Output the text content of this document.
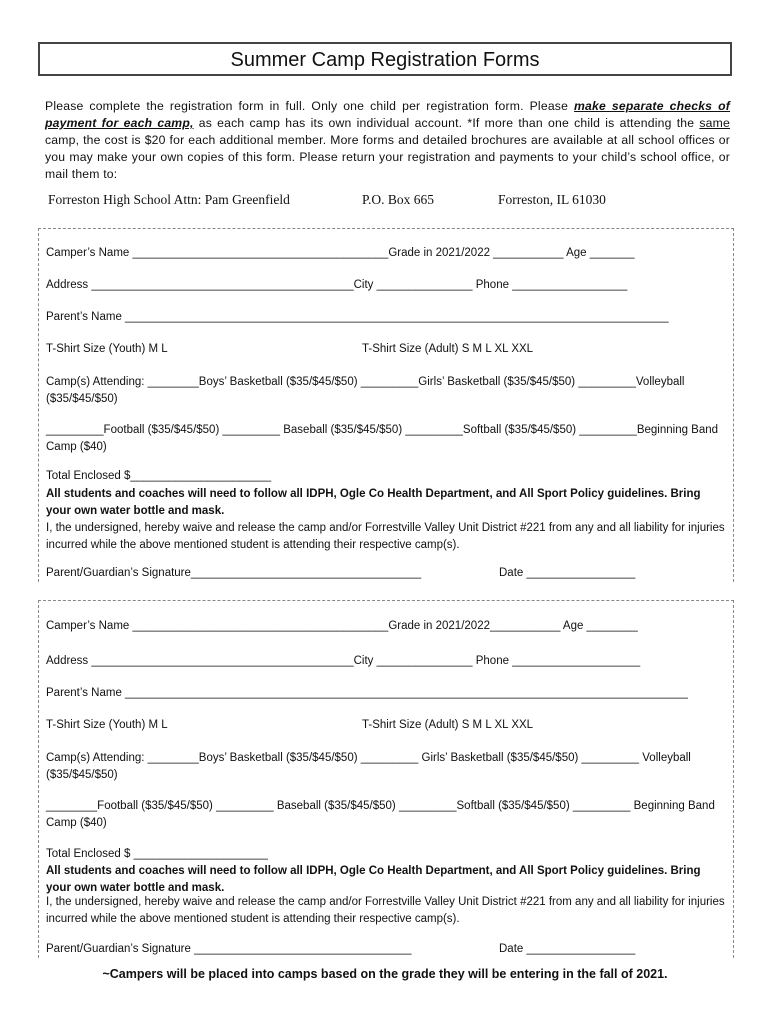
Summer Camp Registration Forms
Please complete the registration form in full. Only one child per registration form. Please make separate checks of payment for each camp, as each camp has its own individual account. *If more than one child is attending the same camp, the cost is $20 for each additional member. More forms and detailed brochures are available at all school offices or you may make your own copies of this form. Please return your registration and payments to your child’s school office, or mail them to:
Forreston High School Attn: Pam Greenfield	P.O. Box 665	Forreston, IL 61030
Camper’s Name ________________________________________Grade in 2021/2022 ___________ Age _______
Address _________________________________________City _______________ Phone __________________
Parent’s Name _____________________________________________________________________________________
T-Shirt Size (Youth) M L	T-Shirt Size (Adult) S M L XL XXL
Camp(s) Attending: ________Boys’ Basketball ($35/$45/$50) _________Girls’ Basketball ($35/$45/$50) _________Volleyball ($35/$45/$50)
_________Football ($35/$45/$50) _________ Baseball ($35/$45/$50) _________Softball ($35/$45/$50) _________Beginning Band Camp ($40)
Total Enclosed $______________________
All students and coaches will need to follow all IDPH, Ogle Co Health Department, and All Sport Policy guidelines. Bring your own water bottle and mask.
I, the undersigned, hereby waive and release the camp and/or Forrestville Valley Unit District #221 from any and all liability for injuries incurred while the above mentioned student is attending their respective camp(s).
Parent/Guardian’s Signature____________________________________	Date _________________
Camper’s Name ________________________________________Grade in 2021/2022___________ Age ________
Address _________________________________________City _______________ Phone ____________________
Parent’s Name ________________________________________________________________________________________
T-Shirt Size (Youth) M L	T-Shirt Size (Adult) S M L XL XXL
Camp(s) Attending: ________Boys’ Basketball ($35/$45/$50) _________ Girls’ Basketball ($35/$45/$50) _________ Volleyball ($35/$45/$50)
________Football ($35/$45/$50) _________ Baseball ($35/$45/$50) _________Softball ($35/$45/$50) _________ Beginning Band Camp ($40)
Total Enclosed $ _____________________
All students and coaches will need to follow all IDPH, Ogle Co Health Department, and All Sport Policy guidelines. Bring your own water bottle and mask.
I, the undersigned, hereby waive and release the camp and/or Forrestville Valley Unit District #221 from any and all liability for injuries incurred while the above mentioned student is attending their respective camp(s).
Parent/Guardian’s Signature __________________________________	Date _________________
~Campers will be placed into camps based on the grade they will be entering in the fall of 2021.
